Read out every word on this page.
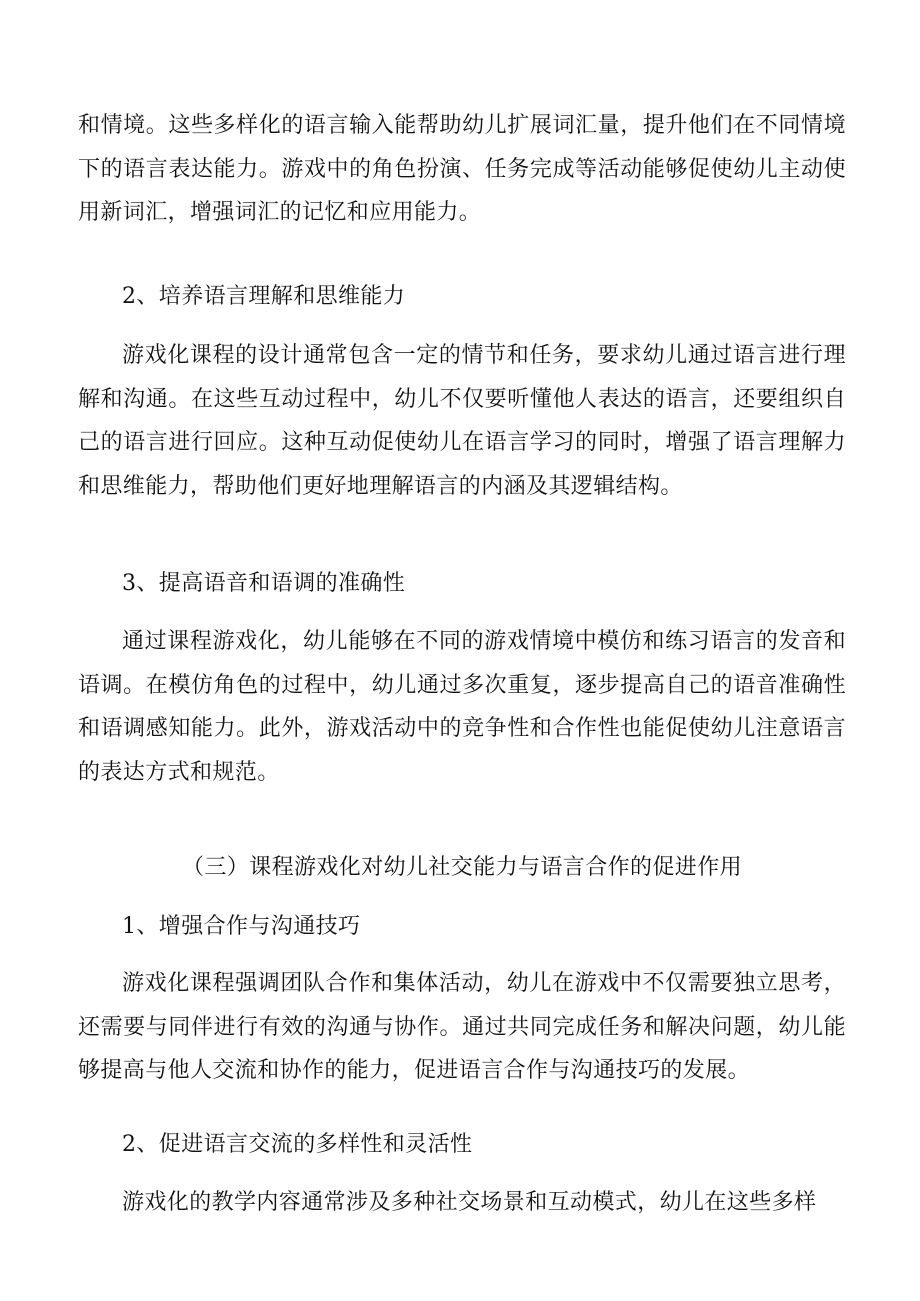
和情境。这些多样化的语言输入能帮助幼儿扩展词汇量，提升他们在不同情境下的语言表达能力。游戏中的角色扮演、任务完成等活动能够促使幼儿主动使用新词汇，增强词汇的记忆和应用能力。

2、培养语言理解和思维能力

游戏化课程的设计通常包含一定的情节和任务，要求幼儿通过语言进行理解和沟通。在这些互动过程中，幼儿不仅要听懂他人表达的语言，还要组织自己的语言进行回应。这种互动促使幼儿在语言学习的同时，增强了语言理解力和思维能力，帮助他们更好地理解语言的内涵及其逻辑结构。

3、提高语音和语调的准确性

通过课程游戏化，幼儿能够在不同的游戏情境中模仿和练习语言的发音和语调。在模仿角色的过程中，幼儿通过多次重复，逐步提高自己的语音准确性和语调感知能力。此外，游戏活动中的竞争性和合作性也能促使幼儿注意语言的表达方式和规范。

（三）课程游戏化对幼儿社交能力与语言合作的促进作用

1、增强合作与沟通技巧

游戏化课程强调团队合作和集体活动，幼儿在游戏中不仅需要独立思考，还需要与同伴进行有效的沟通与协作。通过共同完成任务和解决问题，幼儿能够提高与他人交流和协作的能力，促进语言合作与沟通技巧的发展。

2、促进语言交流的多样性和灵活性

游戏化的教学内容通常涉及多种社交场景和互动模式，幼儿在这些多样
